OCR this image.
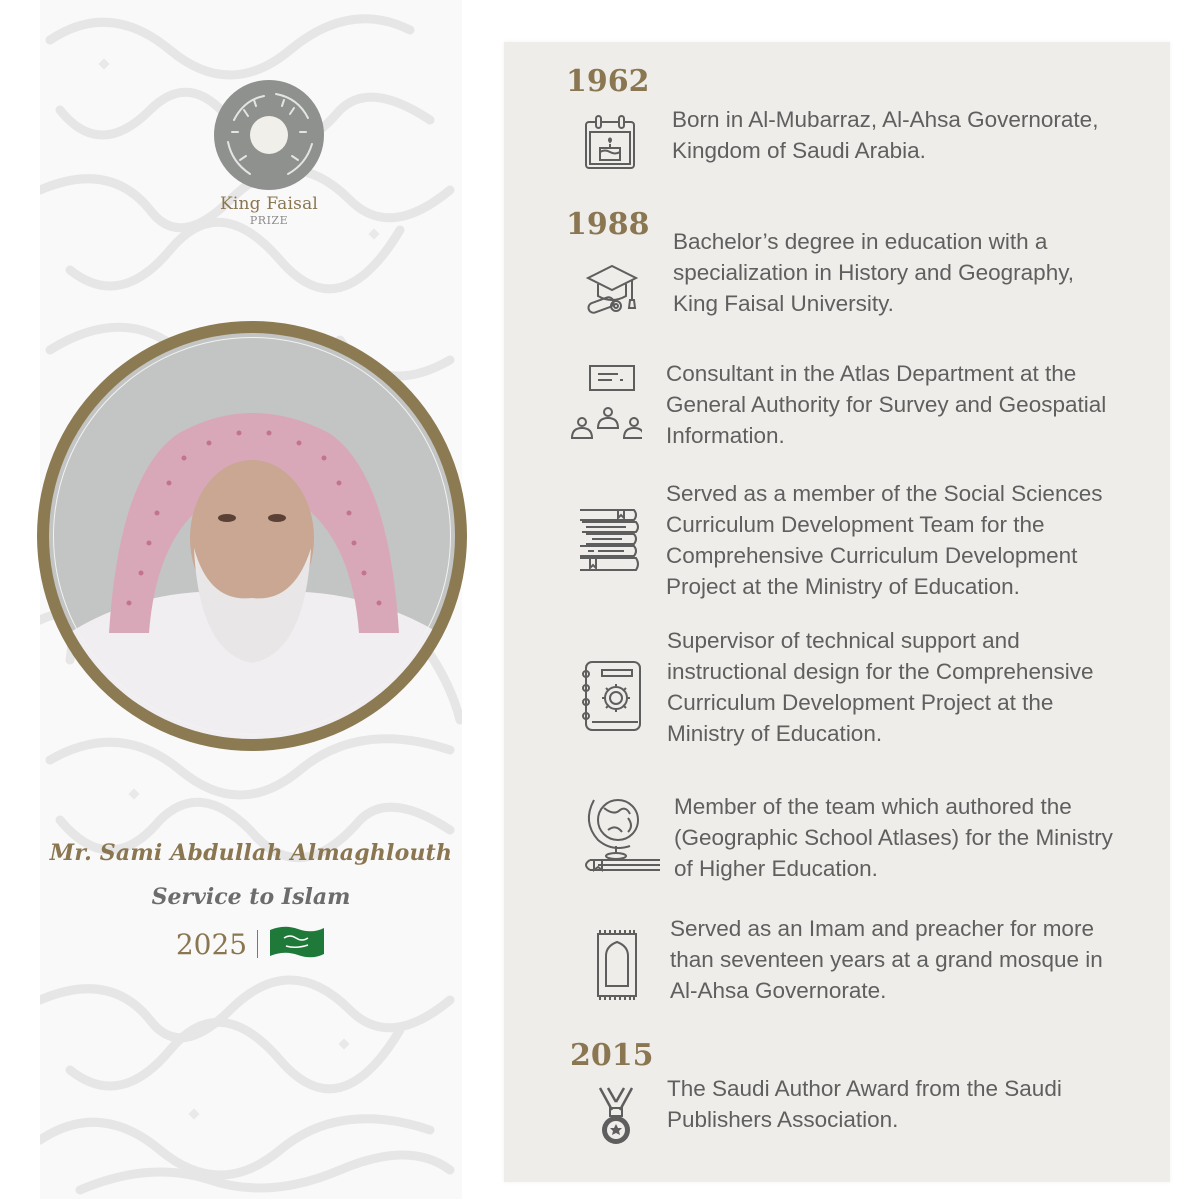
King Faisal
PRIZE
Mr. Sami Abdullah Almaghlouth
Service to Islam
2025
1962
Born in Al-Mubarraz, Al-Ahsa Governorate,
Kingdom of Saudi Arabia.
1988 Bachelor’s degree in education with a
specialization in History and Geography,
King Faisal University.
Consultant in the Atlas Department at the
General Authority for Survey and Geospatial
Information.
Served as a member of the Social Sciences
Curriculum Development Team for the
Comprehensive Curriculum Development
Project at the Ministry of Education.
Supervisor of technical support and
instructional design for the Comprehensive
Curriculum Development Project at the
Ministry of Education.
Member of the team which authored the
(Geographic School Atlases) for the Ministry
of Higher Education.
Served as an Imam and preacher for more
than seventeen years at a grand mosque in
Al-Ahsa Governorate.
2015
The Saudi Author Award from the Saudi
Publishers Association.
